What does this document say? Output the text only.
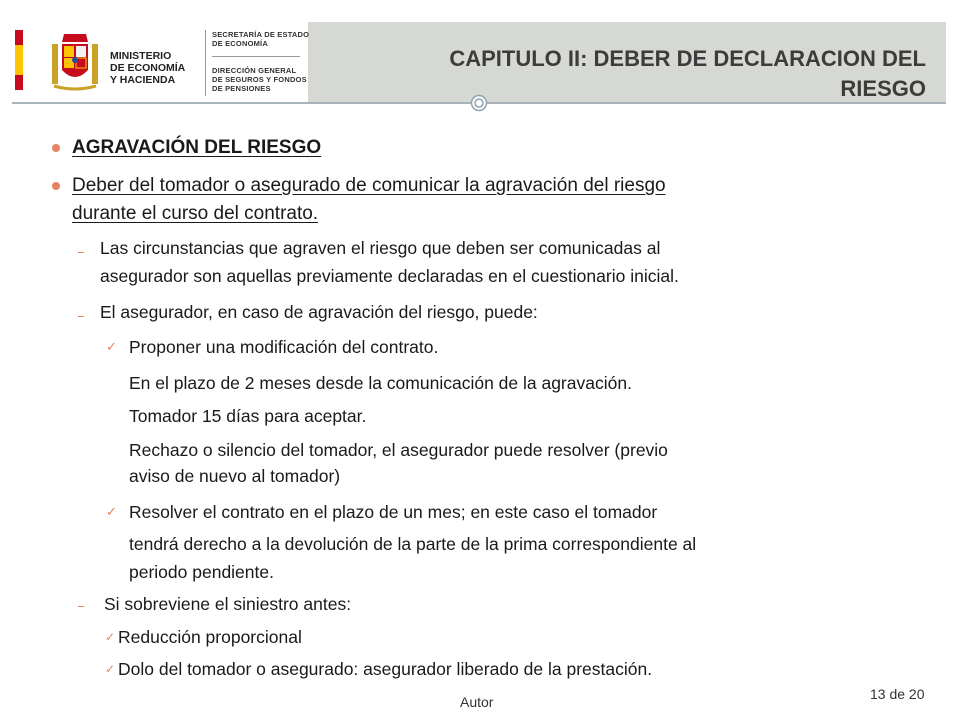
MINISTERIO
DE ECONOMÍA
Y HACIENDA
SECRETARÍA DE ESTADO
DE ECONOMÍA
DIRECCIÓN GENERAL
DE SEGUROS Y FONDOS
DE PENSIONES
CAPITULO II: DEBER DE DECLARACION DEL
RIESGO
AGRAVACIÓN DEL RIESGO
Deber del tomador o asegurado de comunicar la agravación del riesgo
durante el curso del contrato.
Las circunstancias que agraven el riesgo que deben ser comunicadas al
asegurador son aquellas previamente declaradas en el cuestionario inicial.
El asegurador, en caso de agravación del riesgo, puede:
✓ Proponer una modificación del contrato.
En el plazo de 2 meses desde la comunicación de la agravación.
Tomador 15 días para aceptar.
Rechazo o silencio del tomador, el asegurador puede resolver (previo
aviso de nuevo al tomador)
✓ Resolver el contrato en el plazo de un mes; en este caso el tomador
tendrá derecho a la devolución de la parte de la prima correspondiente al
periodo pendiente.
Si sobreviene el siniestro antes:
✓ Reducción proporcional
✓ Dolo del tomador o asegurado: asegurador liberado de la prestación.
Autor	13 de 20
